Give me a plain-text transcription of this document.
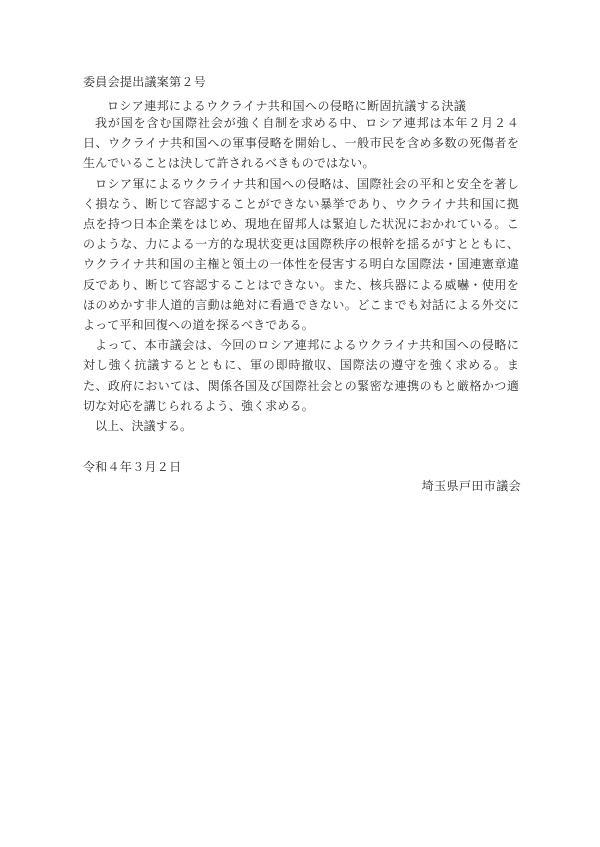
委員会提出議案第２号
ロシア連邦によるウクライナ共和国への侵略に断固抗議する決議

我が国を含む国際社会が強く自制を求める中、ロシア連邦は本年２月２４日、ウクライナ共和国への軍事侵略を開始し、一般市民を含め多数の死傷者を生んでいることは決して許されるべきものではない。

ロシア軍によるウクライナ共和国への侵略は、国際社会の平和と安全を著しく損なう、断じて容認することができない暴挙であり、ウクライナ共和国に拠点を持つ日本企業をはじめ、現地在留邦人は緊迫した状況におかれている。このような、力による一方的な現状変更は国際秩序の根幹を揺るがすとともに、ウクライナ共和国の主権と領土の一体性を侵害する明白な国際法・国連憲章違反であり、断じて容認することはできない。また、核兵器による威嚇・使用をほのめかす非人道的言動は絶対に看過できない。どこまでも対話による外交によって平和回復への道を探るべきである。

よって、本市議会は、今回のロシア連邦によるウクライナ共和国への侵略に対し強く抗議するとともに、軍の即時撤収、国際法の遵守を強く求める。また、政府においては、関係各国及び国際社会との緊密な連携のもと厳格かつ適切な対応を講じられるよう、強く求める。

以上、決議する。

令和４年３月２日
埼玉県戸田市議会
